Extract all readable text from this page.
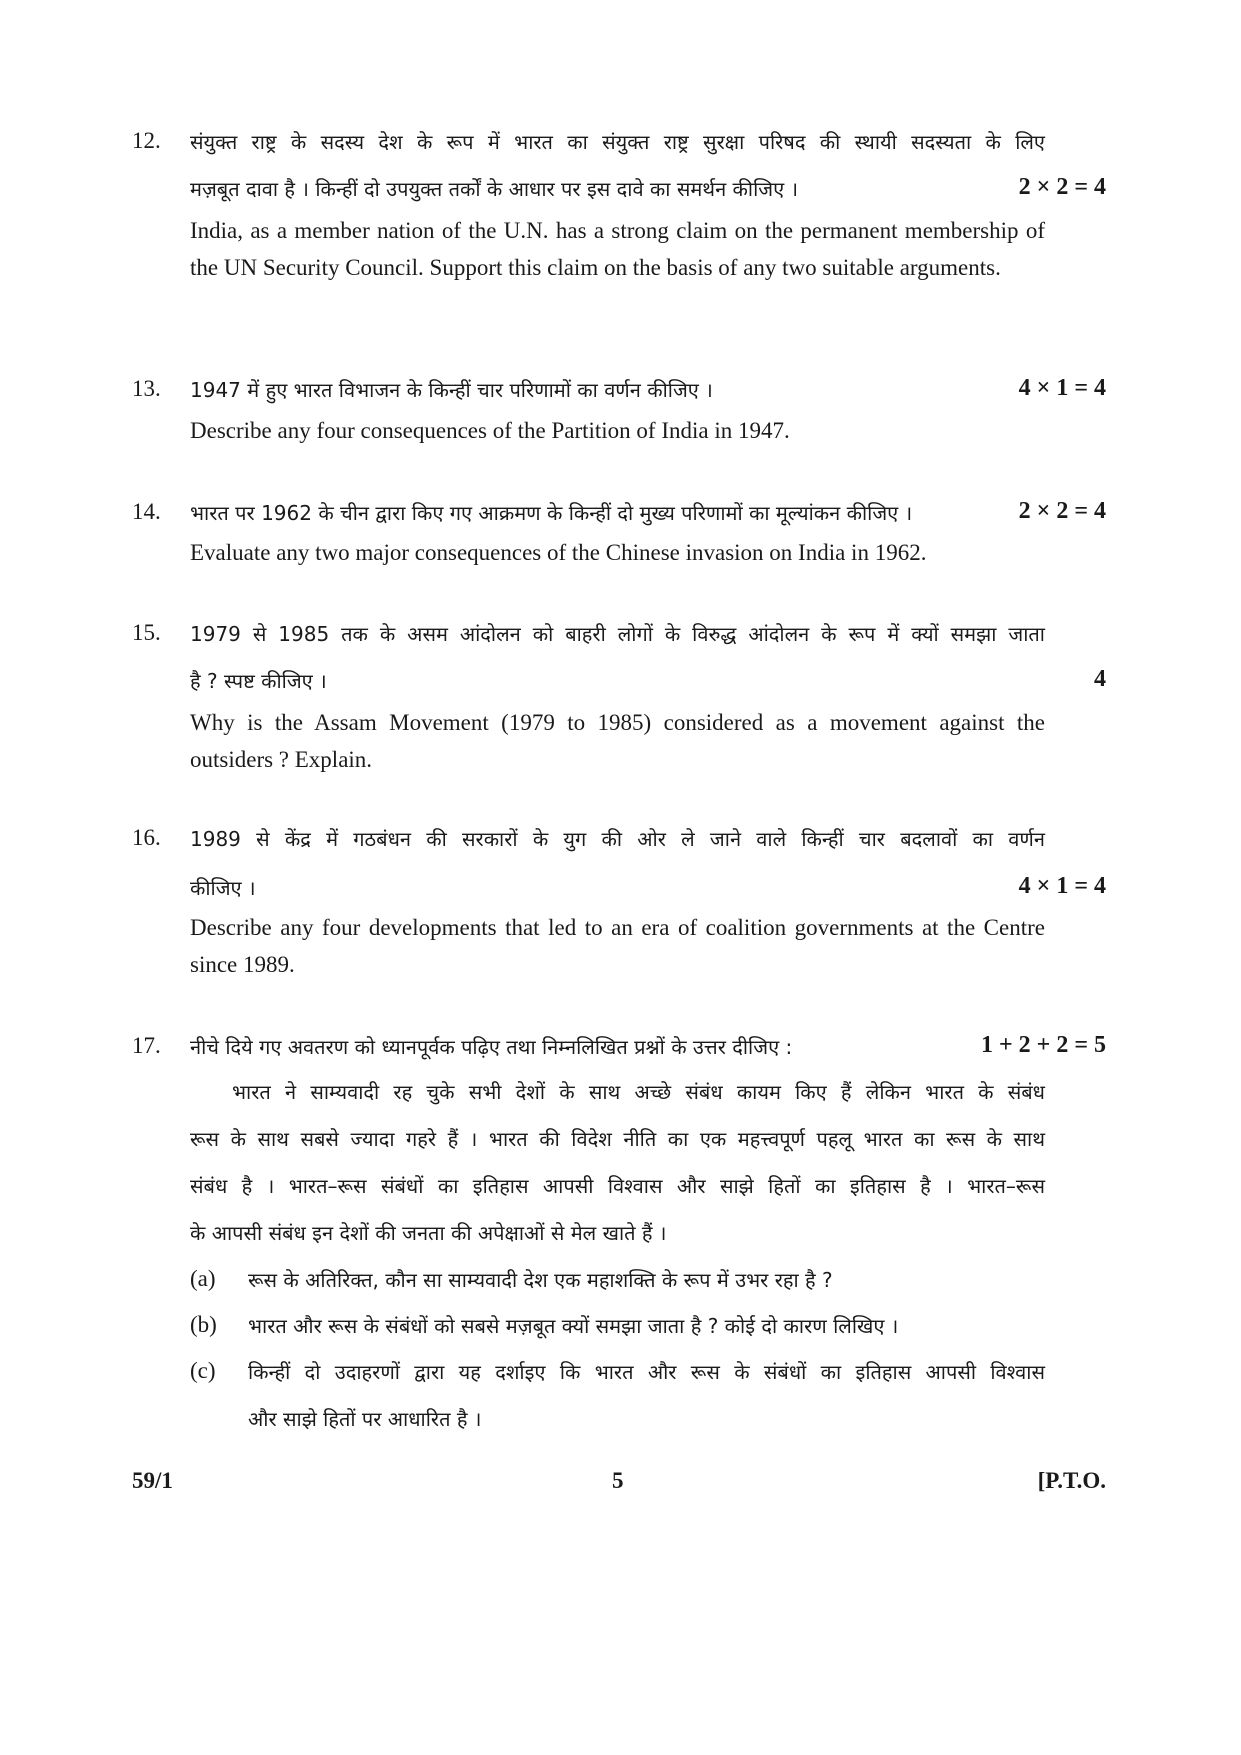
12. संयुक्त राष्ट्र के सदस्य देश के रूप में भारत का संयुक्त राष्ट्र सुरक्षा परिषद की स्थायी सदस्यता के लिए
मज़बूत दावा है । किन्हीं दो उपयुक्त तर्कों के आधार पर इस दावे का समर्थन कीजिए ।	2 × 2 = 4
India, as a member nation of the U.N. has a strong claim on the permanent membership of the UN Security Council. Support this claim on the basis of any two suitable arguments.
13. 1947 में हुए भारत विभाजन के किन्हीं चार परिणामों का वर्णन कीजिए ।	4 × 1 = 4
Describe any four consequences of the Partition of India in 1947.
14. भारत पर 1962 के चीन द्वारा किए गए आक्रमण के किन्हीं दो मुख्य परिणामों का मूल्यांकन कीजिए ।	2 × 2 = 4
Evaluate any two major consequences of the Chinese invasion on India in 1962.
15. 1979 से 1985 तक के असम आंदोलन को बाहरी लोगों के विरुद्ध आंदोलन के रूप में क्यों समझा जाता
है ? स्पष्ट कीजिए ।	4
Why is the Assam Movement (1979 to 1985) considered as a movement against the outsiders ? Explain.
16. 1989 से केंद्र में गठबंधन की सरकारों के युग की ओर ले जाने वाले किन्हीं चार बदलावों का वर्णन
कीजिए ।	4 × 1 = 4
Describe any four developments that led to an era of coalition governments at the Centre since 1989.
17. नीचे दिये गए अवतरण को ध्यानपूर्वक पढ़िए तथा निम्नलिखित प्रश्नों के उत्तर दीजिए :	1 + 2 + 2 = 5
भारत ने साम्यवादी रह चुके सभी देशों के साथ अच्छे संबंध कायम किए हैं लेकिन भारत के संबंध
रूस के साथ सबसे ज्यादा गहरे हैं । भारत की विदेश नीति का एक महत्त्वपूर्ण पहलू भारत का रूस के साथ
संबंध है । भारत–रूस संबंधों का इतिहास आपसी विश्वास और साझे हितों का इतिहास है । भारत–रूस
के आपसी संबंध इन देशों की जनता की अपेक्षाओं से मेल खाते हैं ।
(a) रूस के अतिरिक्त, कौन सा साम्यवादी देश एक महाशक्ति के रूप में उभर रहा है ?
(b) भारत और रूस के संबंधों को सबसे मज़बूत क्यों समझा जाता है ? कोई दो कारण लिखिए ।
(c) किन्हीं दो उदाहरणों द्वारा यह दर्शाइए कि भारत और रूस के संबंधों का इतिहास आपसी विश्वास
और साझे हितों पर आधारित है ।
59/1	5	[P.T.O.
